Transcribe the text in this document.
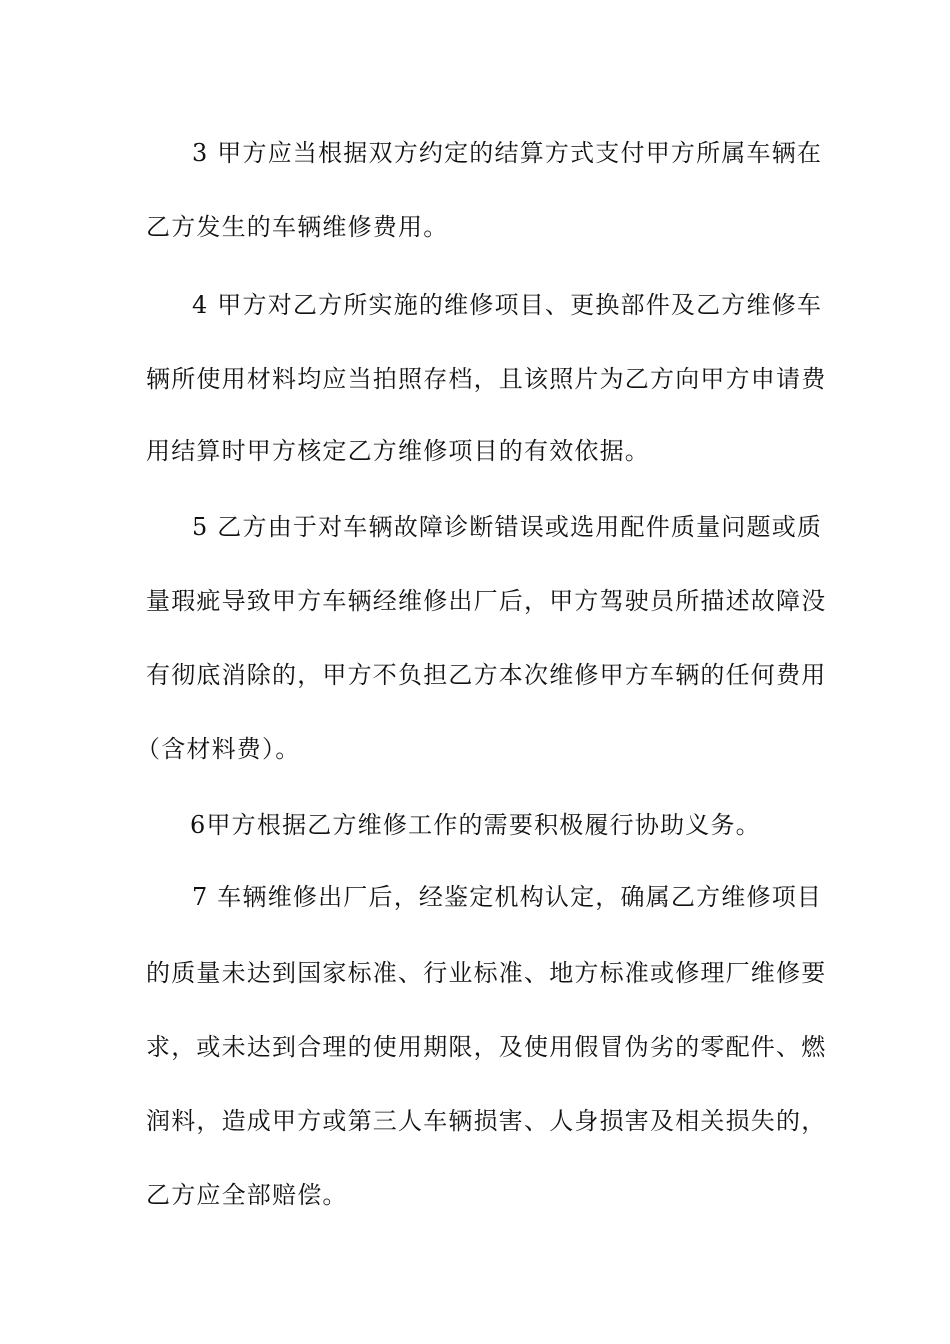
3 甲方应当根据双方约定的结算方式支付甲方所属车辆在
乙方发生的车辆维修费用。
4 甲方对乙方所实施的维修项目、更换部件及乙方维修车
辆所使用材料均应当拍照存档，且该照片为乙方向甲方申请费
用结算时甲方核定乙方维修项目的有效依据。
5 乙方由于对车辆故障诊断错误或选用配件质量问题或质
量瑕疵导致甲方车辆经维修出厂后，甲方驾驶员所描述故障没
有彻底消除的，甲方不负担乙方本次维修甲方车辆的任何费用
（含材料费）。
6甲方根据乙方维修工作的需要积极履行协助义务。
7 车辆维修出厂后，经鉴定机构认定，确属乙方维修项目
的质量未达到国家标准、行业标准、地方标准或修理厂维修要
求，或未达到合理的使用期限，及使用假冒伪劣的零配件、燃
润料，造成甲方或第三人车辆损害、人身损害及相关损失的，
乙方应全部赔偿。
